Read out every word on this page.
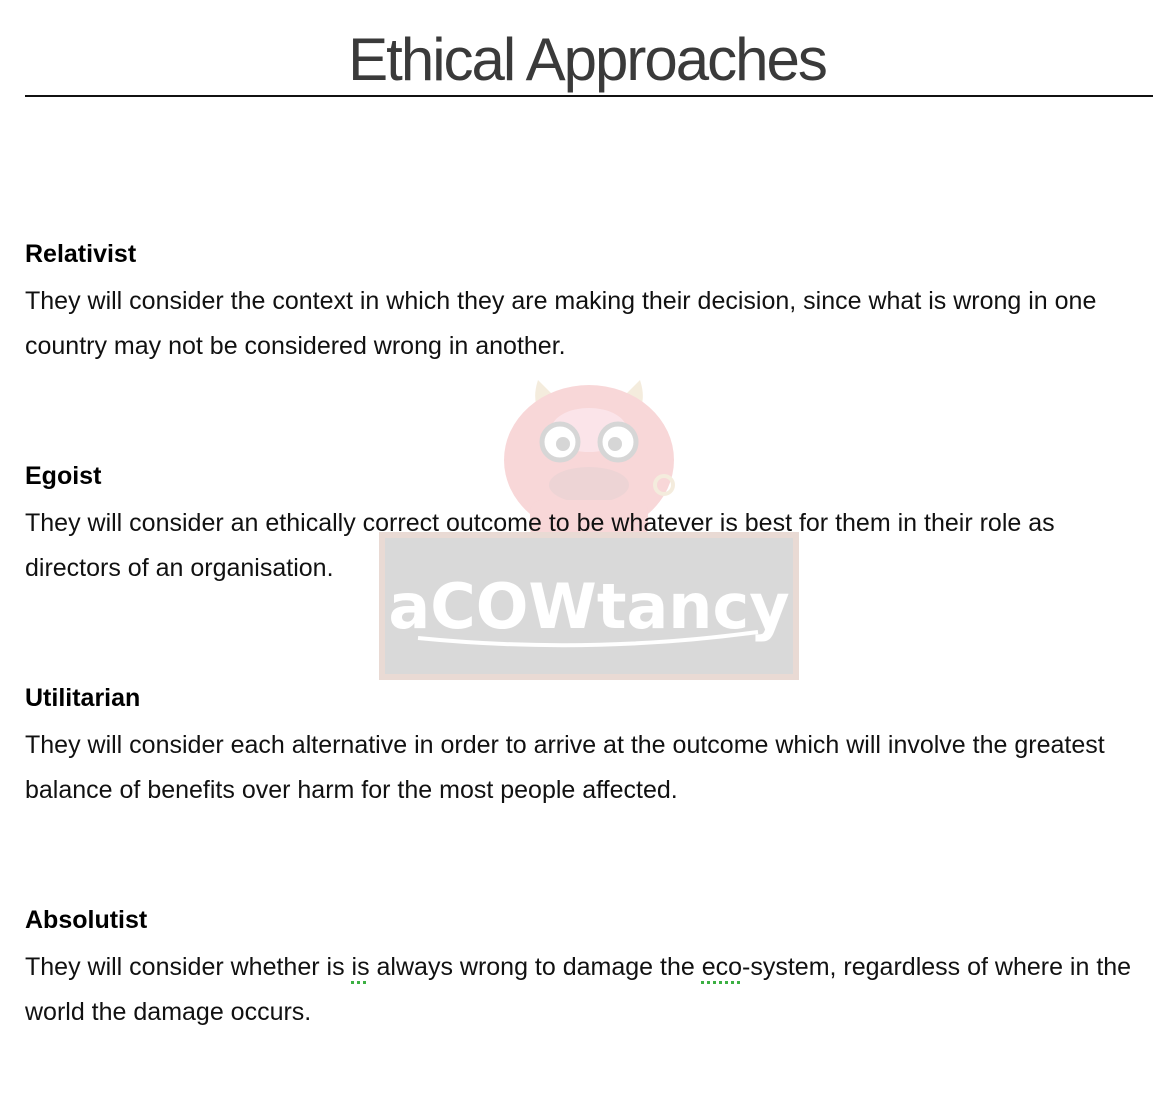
Ethical Approaches
aCOWtancy

Relativist

They will consider the context in which they are making their decision, since what is wrong in one country may not be considered wrong in another.

Egoist

They will consider an ethically correct outcome to be whatever is best for them in their role as directors of an organisation.

Utilitarian

They will consider each alternative in order to arrive at the outcome which will involve the greatest balance of benefits over harm for the most people affected.

Absolutist

They will consider whether is is always wrong to damage the eco-system, regardless of where in the world the damage occurs.
